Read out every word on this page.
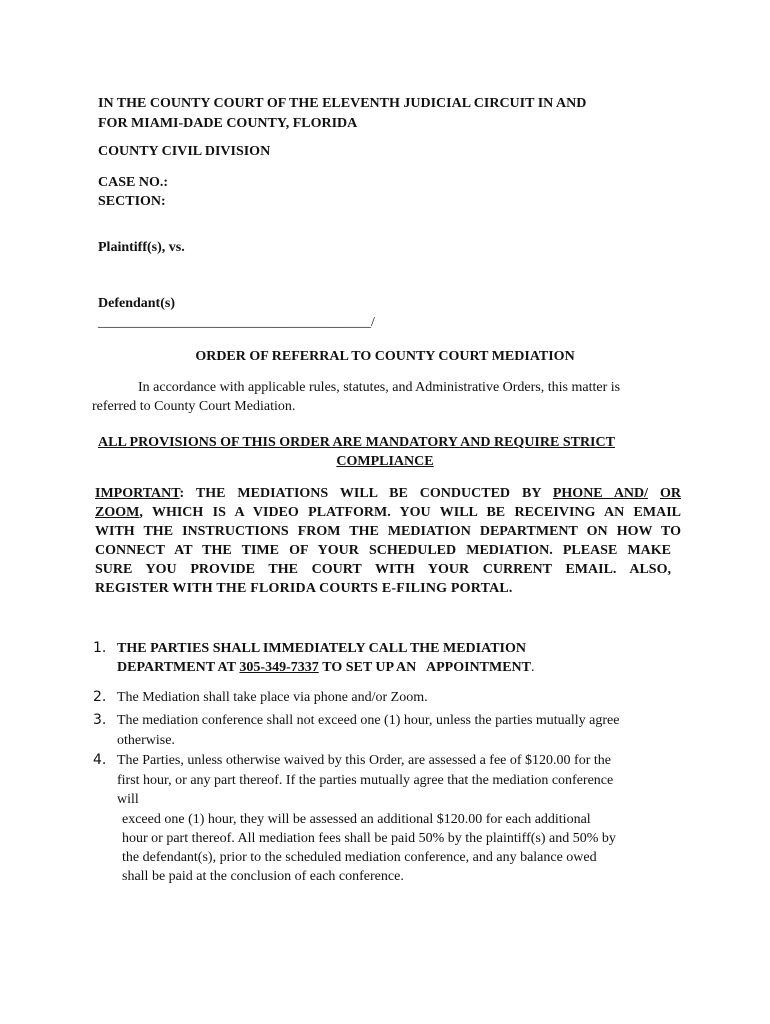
IN THE COUNTY COURT OF THE ELEVENTH JUDICIAL CIRCUIT IN AND
FOR MIAMI-DADE COUNTY, FLORIDA
COUNTY CIVIL DIVISION
CASE NO.:
SECTION:
Plaintiff(s), vs.
Defendant(s)
_______________________________________/
ORDER OF REFERRAL TO COUNTY COURT MEDIATION
In accordance with applicable rules, statutes, and Administrative Orders, this matter is
referred to County Court Mediation.
ALL PROVISIONS OF THIS ORDER ARE MANDATORY AND REQUIRE STRICT
COMPLIANCE
IMPORTANT: THE MEDIATIONS WILL BE CONDUCTED BY PHONE AND/ OR
ZOOM, WHICH IS A VIDEO PLATFORM. YOU WILL BE RECEIVING AN EMAIL
WITH THE INSTRUCTIONS FROM THE MEDIATION DEPARTMENT ON HOW TO
CONNECT AT THE TIME OF YOUR SCHEDULED MEDIATION. PLEASE MAKE
SURE YOU PROVIDE THE COURT WITH YOUR CURRENT EMAIL. ALSO,
REGISTER WITH THE FLORIDA COURTS E-FILING PORTAL.
1. THE PARTIES SHALL IMMEDIATELY CALL THE MEDIATION
DEPARTMENT AT 305-349-7337 TO SET UP AN   APPOINTMENT.
2. The Mediation shall take place via phone and/or Zoom.
3. The mediation conference shall not exceed one (1) hour, unless the parties mutually agree
otherwise.
4. The Parties, unless otherwise waived by this Order, are assessed a fee of $120.00 for the
first hour, or any part thereof. If the parties mutually agree that the mediation conference
will
exceed one (1) hour, they will be assessed an additional $120.00 for each additional
hour or part thereof. All mediation fees shall be paid 50% by the plaintiff(s) and 50% by
the defendant(s), prior to the scheduled mediation conference, and any balance owed
shall be paid at the conclusion of each conference.
